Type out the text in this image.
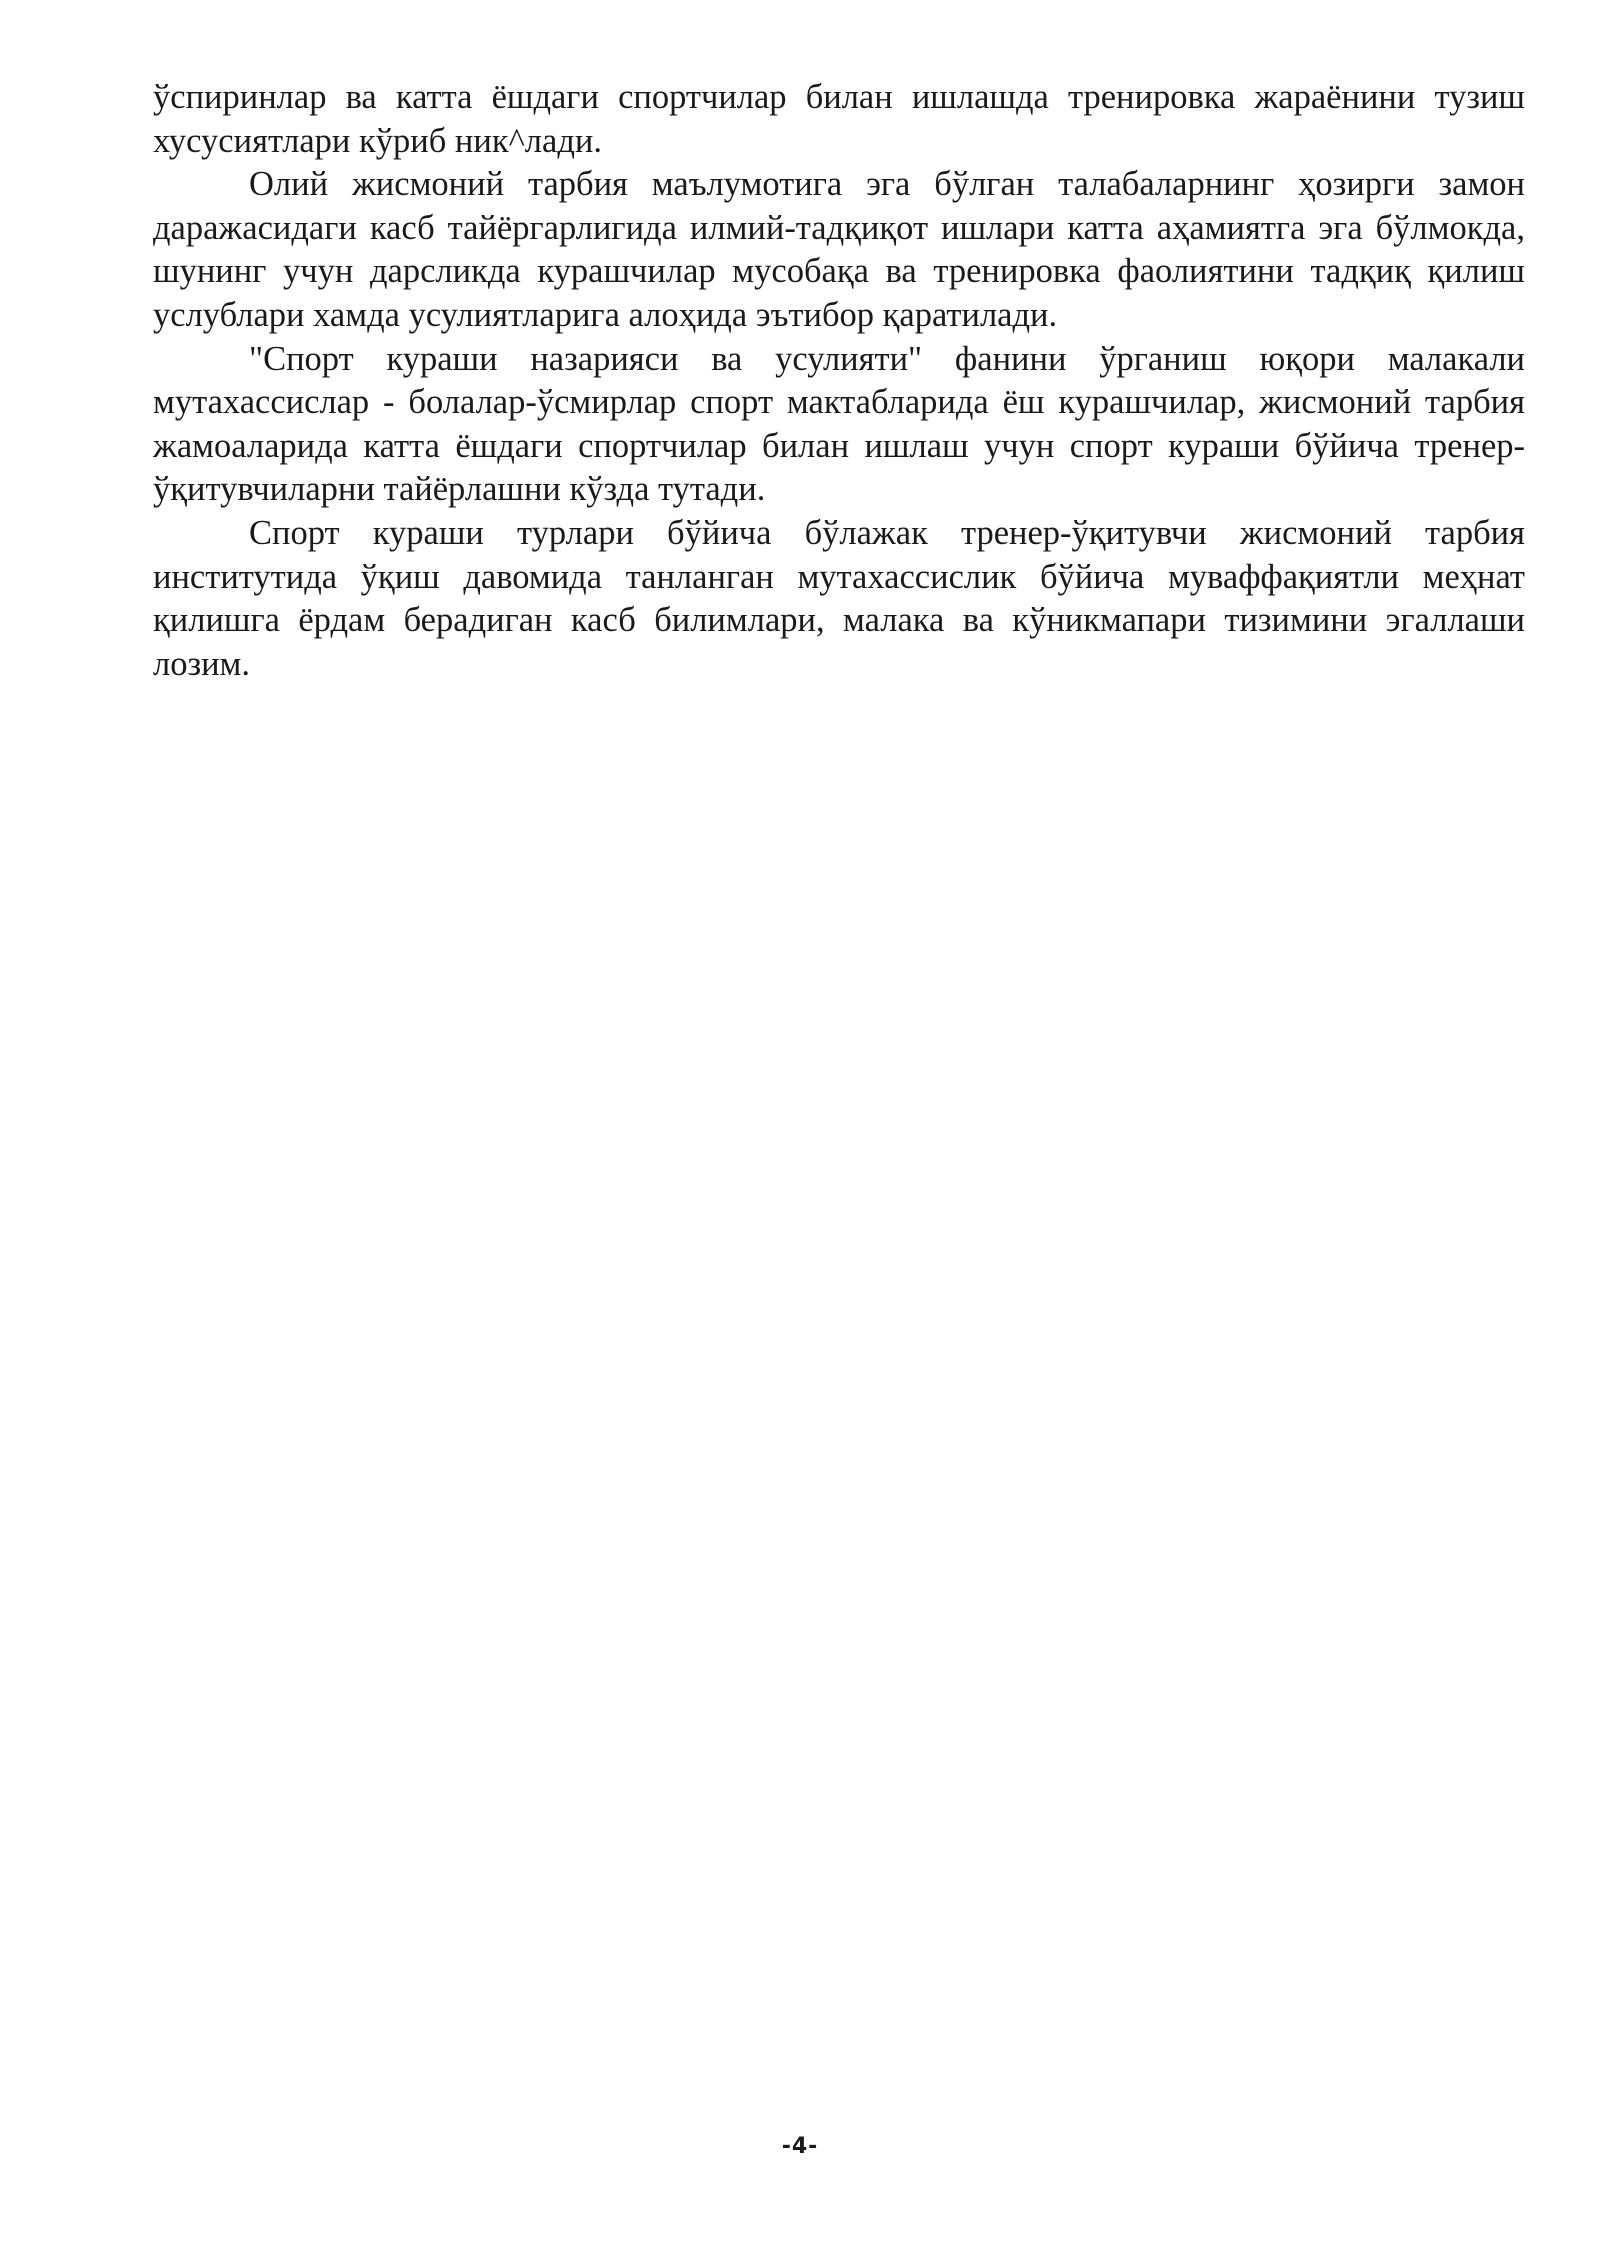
ўспиринлар ва катта ёшдаги спортчилар билан ишлашда тренировка жараёнини тузиш хусусиятлари кўриб ник^лади.

Олий жисмоний тарбия маълумотига эга бўлган талабаларнинг ҳозирги замон даражасидаги касб тайёргарлигида илмий-тадқиқот ишлари катта аҳамиятга эга бўлмокда, шунинг учун дарсликда курашчилар мусобақа ва тренировка фаолиятини тадқиқ қилиш услублари хамда усулиятларига алоҳида эътибор қаратилади.

"Спорт кураши назарияси ва усулияти" фанини ўрганиш юқори малакали мутахассислар - болалар-ўсмирлар спорт мактабларида ёш курашчилар, жисмоний тарбия жамоаларида катта ёшдаги спортчилар билан ишлаш учун спорт кураши бўйича тренер-ўқитувчиларни тайёрлашни кўзда тутади.

Спорт кураши турлари бўйича бўлажак тренер-ўқитувчи жисмоний тарбия институтида ўқиш давомида танланган мутахассислик бўйича муваффақиятли меҳнат қилишга ёрдам берадиган касб билимлари, малака ва кўникмапари тизимини эгаллаши лозим.

-4-
